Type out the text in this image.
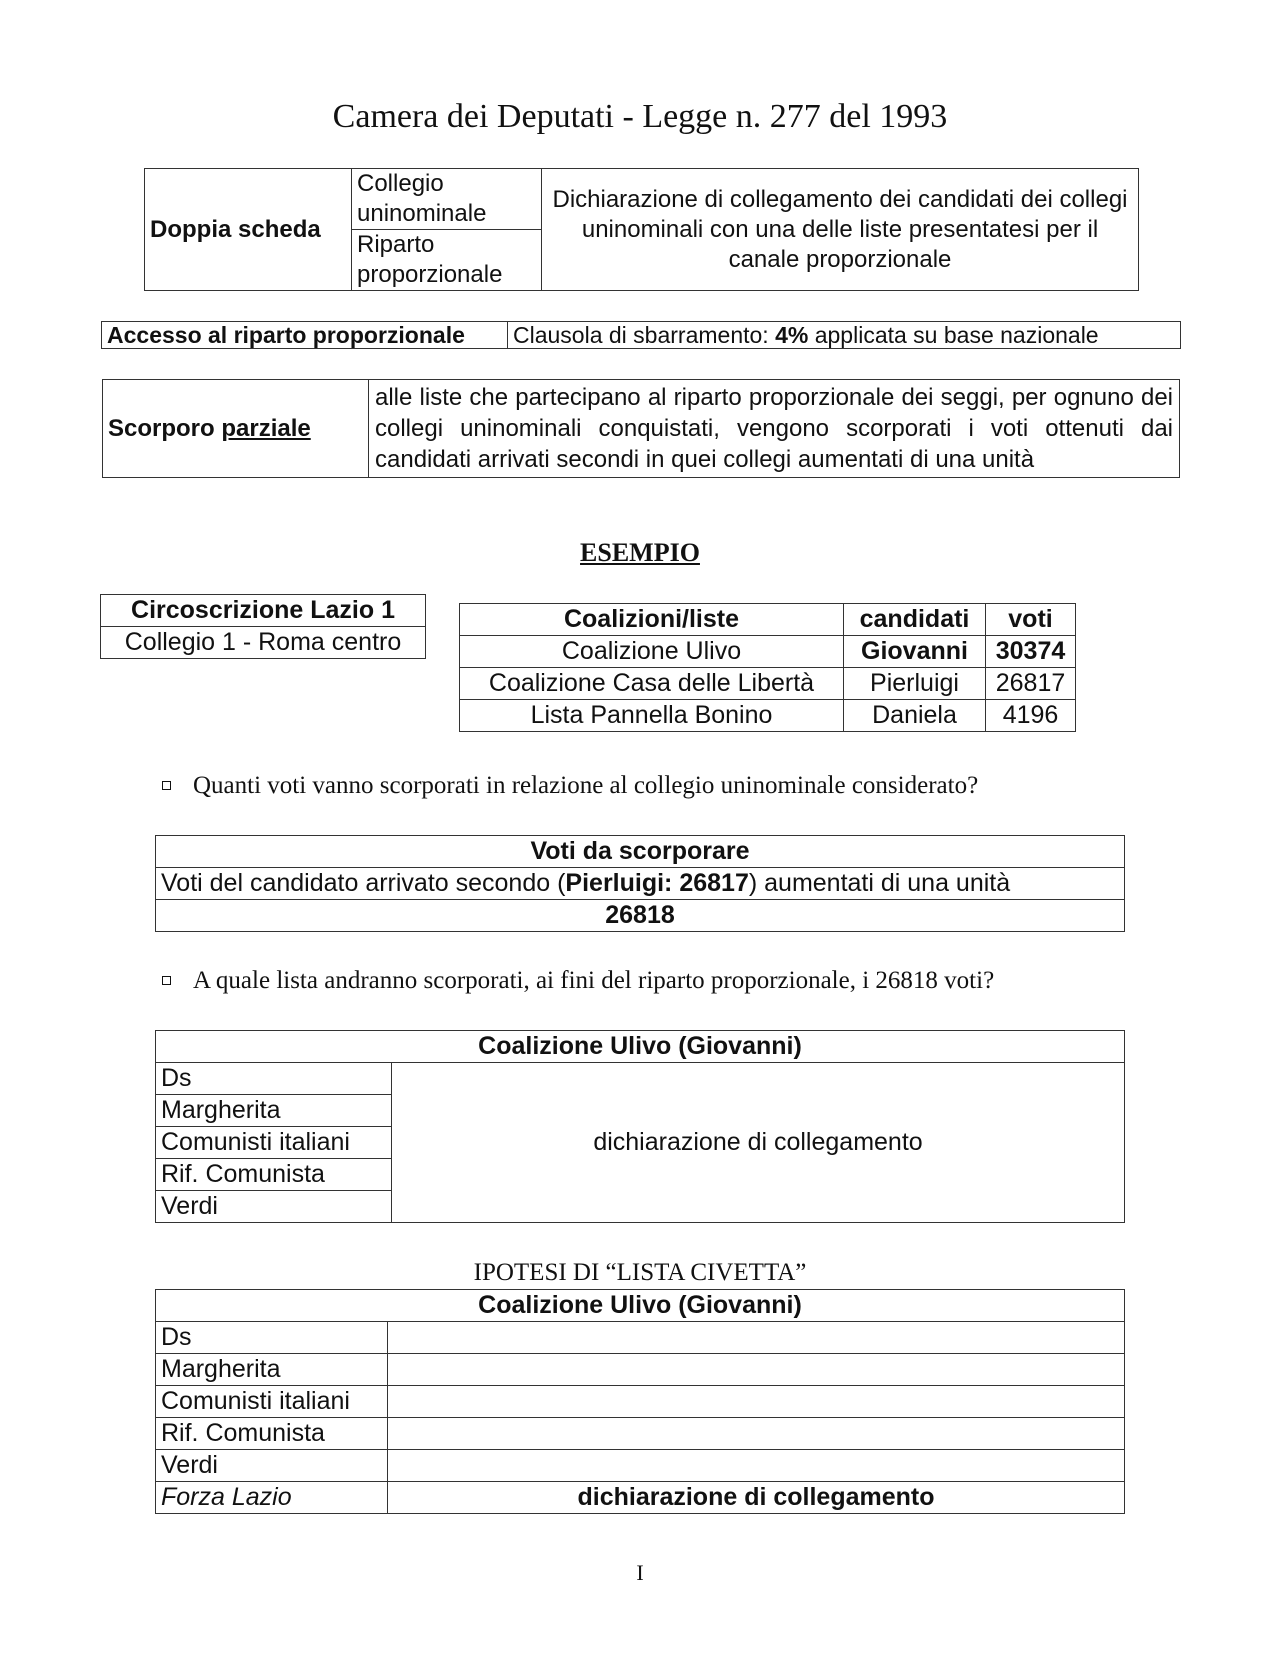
Camera dei Deputati - Legge n. 277 del 1993
Doppia scheda	Collegio uninominale	Dichiarazione di collegamento dei candidati dei collegi uninominali con una delle liste presentatesi per il canale proporzionale
Riparto proporzionale
Accesso al riparto proporzionale	Clausola di sbarramento: 4% applicata su base nazionale
Scorporo parziale	alle liste che partecipano al riparto proporzionale dei seggi, per ognuno dei collegi uninominali conquistati, vengono scorporati i voti ottenuti dai candidati arrivati secondi in quei collegi aumentati di una unità
ESEMPIO
Circoscrizione Lazio 1
Collegio 1 - Roma centro
Coalizioni/liste	candidati	voti
Coalizione Ulivo	Giovanni	30374
Coalizione Casa delle Libertà	Pierluigi	26817
Lista Pannella Bonino	Daniela	4196
Quanti voti vanno scorporati in relazione al collegio uninominale considerato?
Voti da scorporare
Voti del candidato arrivato secondo (Pierluigi: 26817) aumentati di una unità
26818
A quale lista andranno scorporati, ai fini del riparto proporzionale, i 26818 voti?
Coalizione Ulivo (Giovanni)
Ds	dichiarazione di collegamento
Margherita
Comunisti italiani
Rif. Comunista
Verdi
IPOTESI DI “LISTA CIVETTA”
Coalizione Ulivo (Giovanni)	
Ds	
Margherita	
Comunisti italiani	
Rif. Comunista	
Verdi	
Forza Lazio	dichiarazione di collegamento
I
